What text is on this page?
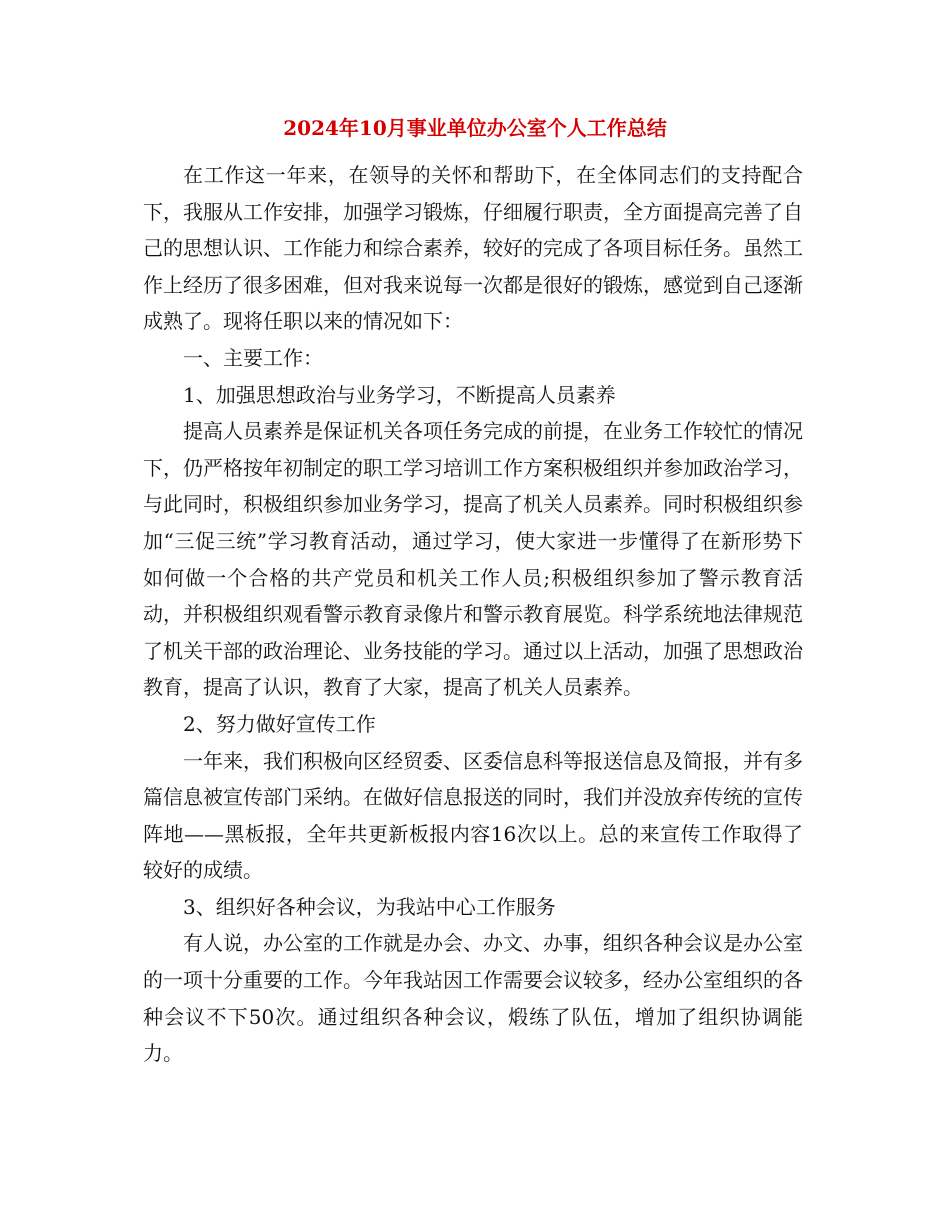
2024年10月事业单位办公室个人工作总结

在工作这一年来，在领导的关怀和帮助下，在全体同志们的支持配合下，我服从工作安排，加强学习锻炼，仔细履行职责，全方面提高完善了自己的思想认识、工作能力和综合素养，较好的完成了各项目标任务。虽然工作上经历了很多困难，但对我来说每一次都是很好的锻炼，感觉到自己逐渐成熟了。现将任职以来的情况如下：

一、主要工作：

1、加强思想政治与业务学习，不断提高人员素养

提高人员素养是保证机关各项任务完成的前提，在业务工作较忙的情况下，仍严格按年初制定的职工学习培训工作方案积极组织并参加政治学习，与此同时，积极组织参加业务学习，提高了机关人员素养。同时积极组织参加“三促三统”学习教育活动，通过学习，使大家进一步懂得了在新形势下如何做一个合格的共产党员和机关工作人员;积极组织参加了警示教育活动，并积极组织观看警示教育录像片和警示教育展览。科学系统地法律规范了机关干部的政治理论、业务技能的学习。通过以上活动，加强了思想政治教育，提高了认识，教育了大家，提高了机关人员素养。

2、努力做好宣传工作

一年来，我们积极向区经贸委、区委信息科等报送信息及简报，并有多篇信息被宣传部门采纳。在做好信息报送的同时，我们并没放弃传统的宣传阵地——黑板报，全年共更新板报内容16次以上。总的来宣传工作取得了较好的成绩。

3、组织好各种会议，为我站中心工作服务

有人说，办公室的工作就是办会、办文、办事，组织各种会议是办公室的一项十分重要的工作。今年我站因工作需要会议较多，经办公室组织的各种会议不下50次。通过组织各种会议，煅练了队伍，增加了组织协调能力。
